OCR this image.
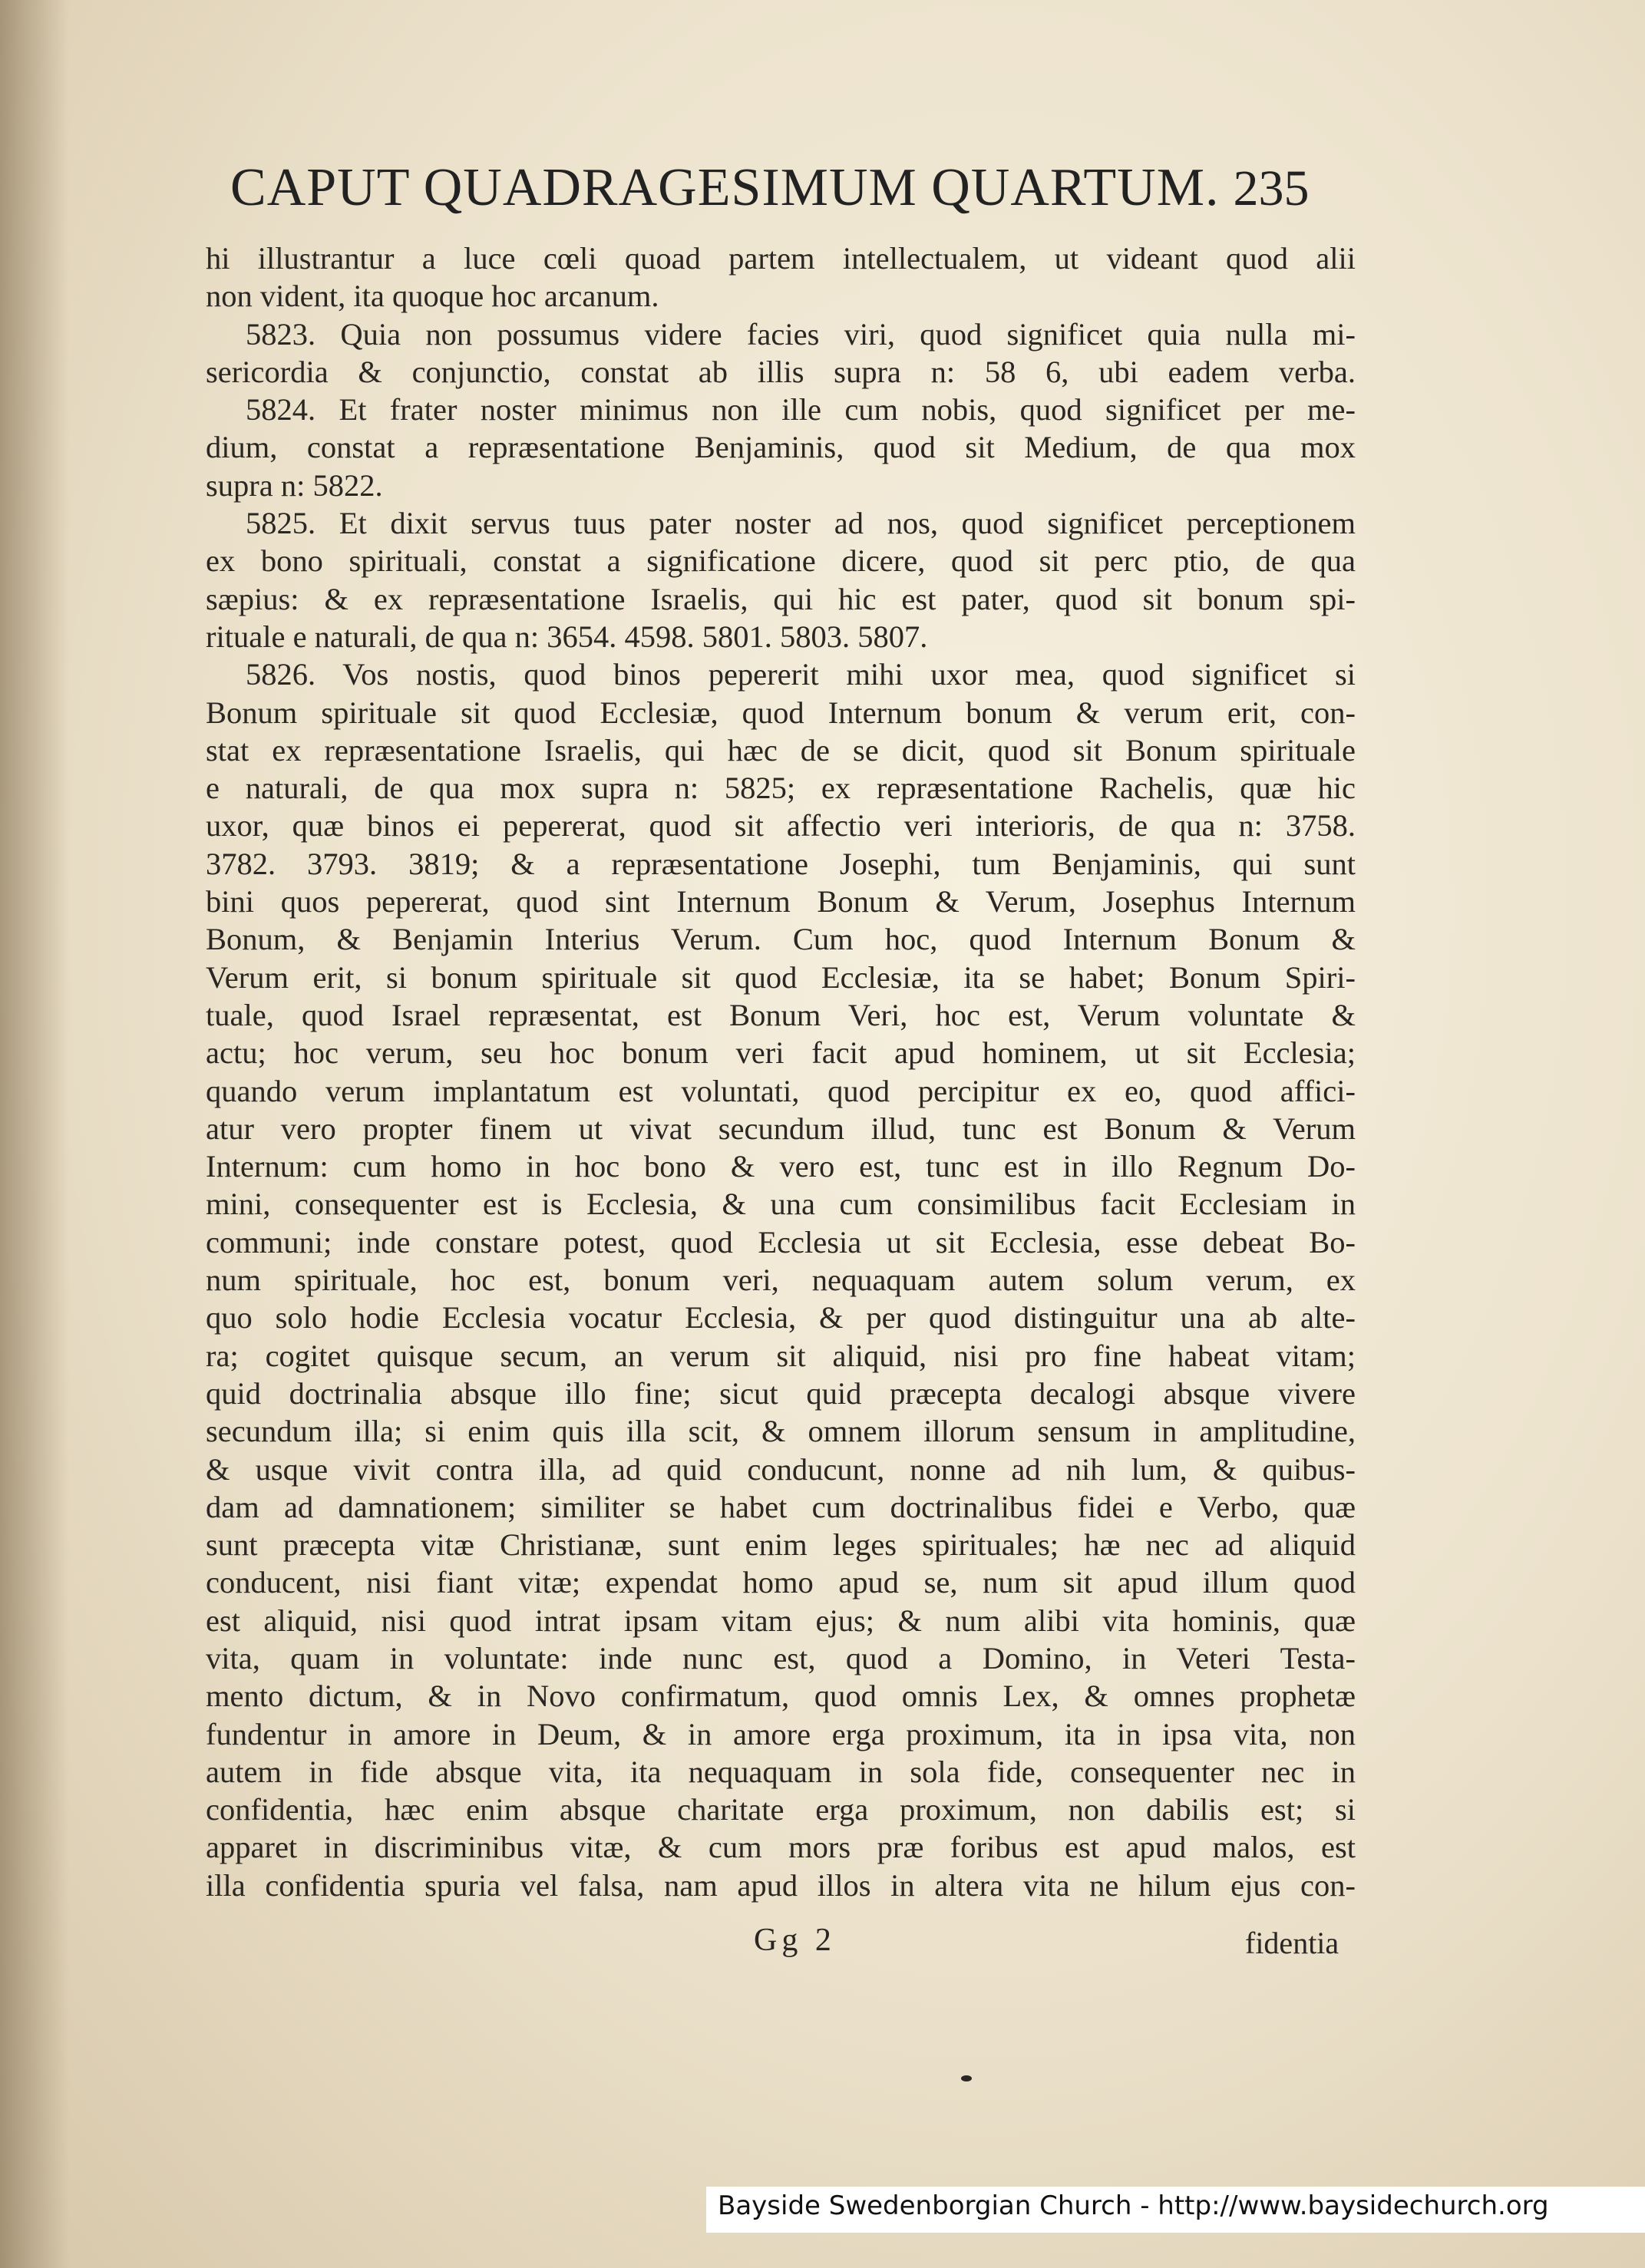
CAPUT QUADRAGESIMUM QUARTUM. 235
hi illustrantur a luce cœli quoad partem intellectualem, ut videant quod alii
non vident, ita quoque hoc arcanum.
5823. Quia non possumus videre facies viri, quod significet quia nulla mi-
sericordia & conjunctio, constat ab illis supra n: 58 6, ubi eadem verba.
5824. Et frater noster minimus non ille cum nobis, quod significet per me-
dium, constat a repræsentatione Benjaminis, quod sit Medium, de qua mox
supra n: 5822.
5825. Et dixit servus tuus pater noster ad nos, quod significet perceptionem
ex bono spirituali, constat a significatione dicere, quod sit perc ptio, de qua
sæpius: & ex repræsentatione Israelis, qui hic est pater, quod sit bonum spi-
rituale e naturali, de qua n: 3654. 4598. 5801. 5803. 5807.
5826. Vos nostis, quod binos pepererit mihi uxor mea, quod significet si
Bonum spirituale sit quod Ecclesiæ, quod Internum bonum & verum erit, con-
stat ex repræsentatione Israelis, qui hæc de se dicit, quod sit Bonum spirituale
e naturali, de qua mox supra n: 5825; ex repræsentatione Rachelis, quæ hic
uxor, quæ binos ei pepererat, quod sit affectio veri interioris, de qua n: 3758.
3782. 3793. 3819; & a repræsentatione Josephi, tum Benjaminis, qui sunt
bini quos pepererat, quod sint Internum Bonum & Verum, Josephus Internum
Bonum, & Benjamin Interius Verum. Cum hoc, quod Internum Bonum &
Verum erit, si bonum spirituale sit quod Ecclesiæ, ita se habet; Bonum Spiri-
tuale, quod Israel repræsentat, est Bonum Veri, hoc est, Verum voluntate &
actu; hoc verum, seu hoc bonum veri facit apud hominem, ut sit Ecclesia;
quando verum implantatum est voluntati, quod percipitur ex eo, quod affici-
atur vero propter finem ut vivat secundum illud, tunc est Bonum & Verum
Internum: cum homo in hoc bono & vero est, tunc est in illo Regnum Do-
mini, consequenter est is Ecclesia, & una cum consimilibus facit Ecclesiam in
communi; inde constare potest, quod Ecclesia ut sit Ecclesia, esse debeat Bo-
num spirituale, hoc est, bonum veri, nequaquam autem solum verum, ex
quo solo hodie Ecclesia vocatur Ecclesia, & per quod distinguitur una ab alte-
ra; cogitet quisque secum, an verum sit aliquid, nisi pro fine habeat vitam;
quid doctrinalia absque illo fine; sicut quid præcepta decalogi absque vivere
secundum illa; si enim quis illa scit, & omnem illorum sensum in amplitudine,
& usque vivit contra illa, ad quid conducunt, nonne ad nih lum, & quibus-
dam ad damnationem; similiter se habet cum doctrinalibus fidei e Verbo, quæ
sunt præcepta vitæ Christianæ, sunt enim leges spirituales; hæ nec ad aliquid
conducent, nisi fiant vitæ; expendat homo apud se, num sit apud illum quod
est aliquid, nisi quod intrat ipsam vitam ejus; & num alibi vita hominis, quæ
vita, quam in voluntate: inde nunc est, quod a Domino, in Veteri Testa-
mento dictum, & in Novo confirmatum, quod omnis Lex, & omnes prophetæ
fundentur in amore in Deum, & in amore erga proximum, ita in ipsa vita, non
autem in fide absque vita, ita nequaquam in sola fide, consequenter nec in
confidentia, hæc enim absque charitate erga proximum, non dabilis est; si
apparet in discriminibus vitæ, & cum mors præ foribus est apud malos, est
illa confidentia spuria vel falsa, nam apud illos in altera vita ne hilum ejus con-
Gg 2	fidentia
Bayside Swedenborgian Church - http://www.baysidechurch.org
